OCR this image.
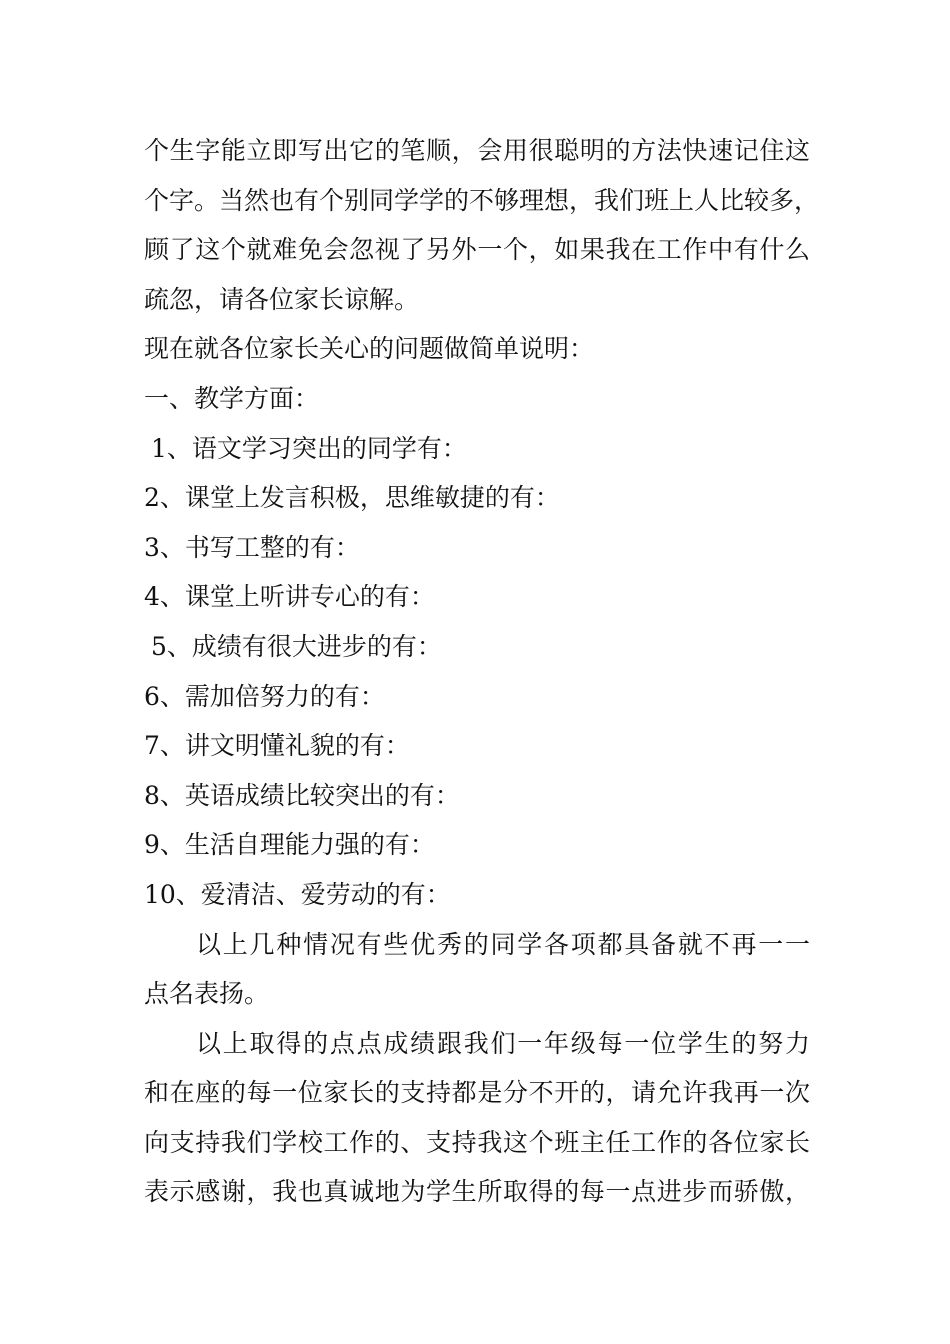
个生字能立即写出它的笔顺，会用很聪明的方法快速记住这
个字。当然也有个别同学学的不够理想，我们班上人比较多，
顾了这个就难免会忽视了另外一个，如果我在工作中有什么
疏忽，请各位家长谅解。
现在就各位家长关心的问题做简单说明：
一、教学方面：
1、语文学习突出的同学有：
2、课堂上发言积极，思维敏捷的有：
3、书写工整的有：
4、课堂上听讲专心的有：
5、成绩有很大进步的有：
6、需加倍努力的有：
7、讲文明懂礼貌的有：
8、英语成绩比较突出的有：
9、生活自理能力强的有：
10、爱清洁、爱劳动的有：
以上几种情况有些优秀的同学各项都具备就不再一一
点名表扬。
以上取得的点点成绩跟我们一年级每一位学生的努力
和在座的每一位家长的支持都是分不开的，请允许我再一次
向支持我们学校工作的、支持我这个班主任工作的各位家长
表示感谢，我也真诚地为学生所取得的每一点进步而骄傲，
